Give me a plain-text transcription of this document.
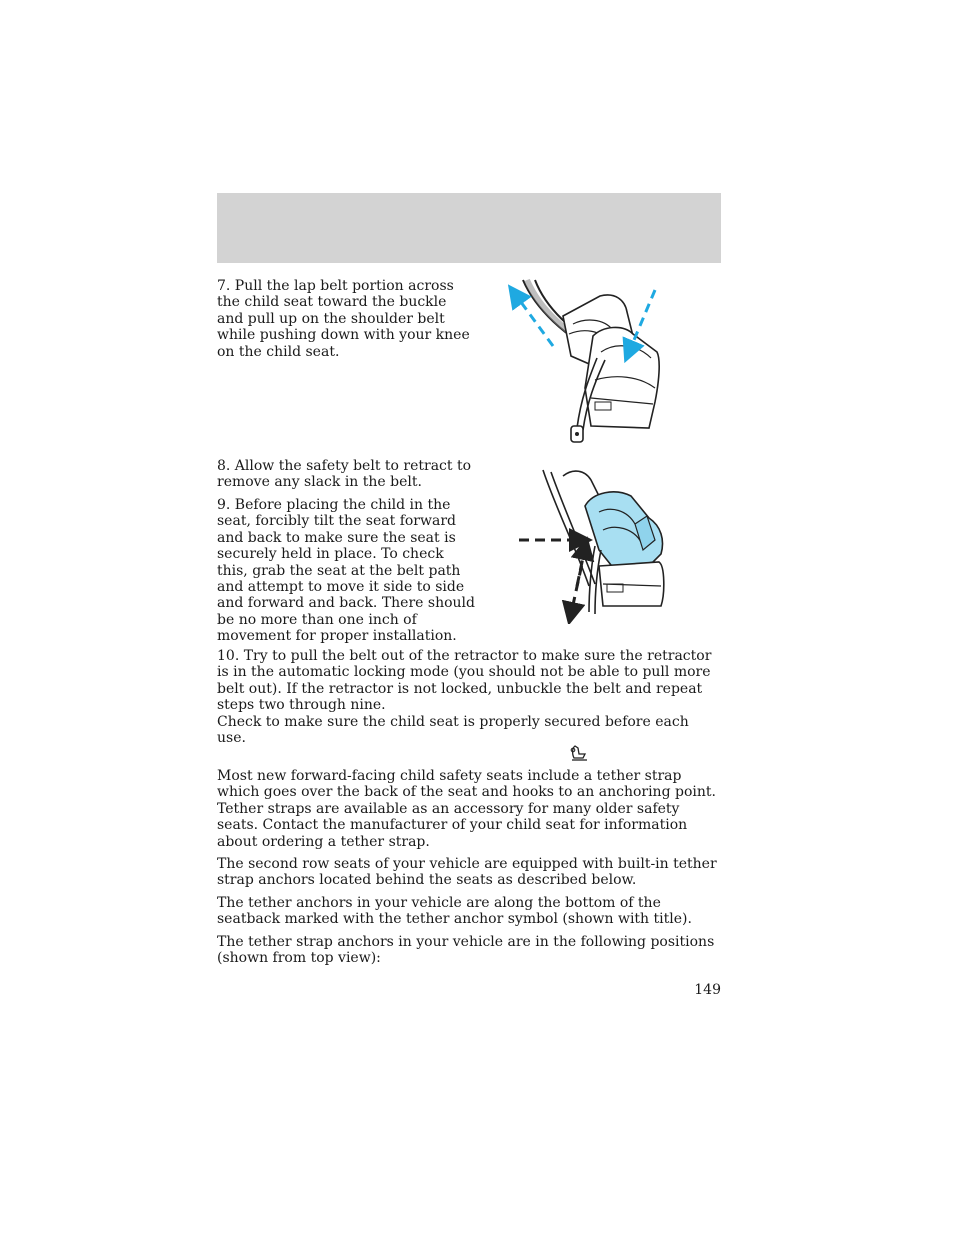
7. Pull the lap belt portion across the child seat toward the buckle and pull up on the shoulder belt while pushing down with your knee on the child seat.

8. Allow the safety belt to retract to remove any slack in the belt.

9. Before placing the child in the seat, forcibly tilt the seat forward and back to make sure the seat is securely held in place. To check this, grab the seat at the belt path and attempt to move it side to side and forward and back. There should be no more than one inch of movement for proper installation.

10. Try to pull the belt out of the retractor to make sure the retractor is in the automatic locking mode (you should not be able to pull more belt out). If the retractor is not locked, unbuckle the belt and repeat steps two through nine.

Check to make sure the child seat is properly secured before each use.

Most new forward-facing child safety seats include a tether strap which goes over the back of the seat and hooks to an anchoring point. Tether straps are available as an accessory for many older safety seats. Contact the manufacturer of your child seat for information about ordering a tether strap.

The second row seats of your vehicle are equipped with built-in tether strap anchors located behind the seats as described below.

The tether anchors in your vehicle are along the bottom of the seatback marked with the tether anchor symbol (shown with title).

The tether strap anchors in your vehicle are in the following positions (shown from top view):

149
